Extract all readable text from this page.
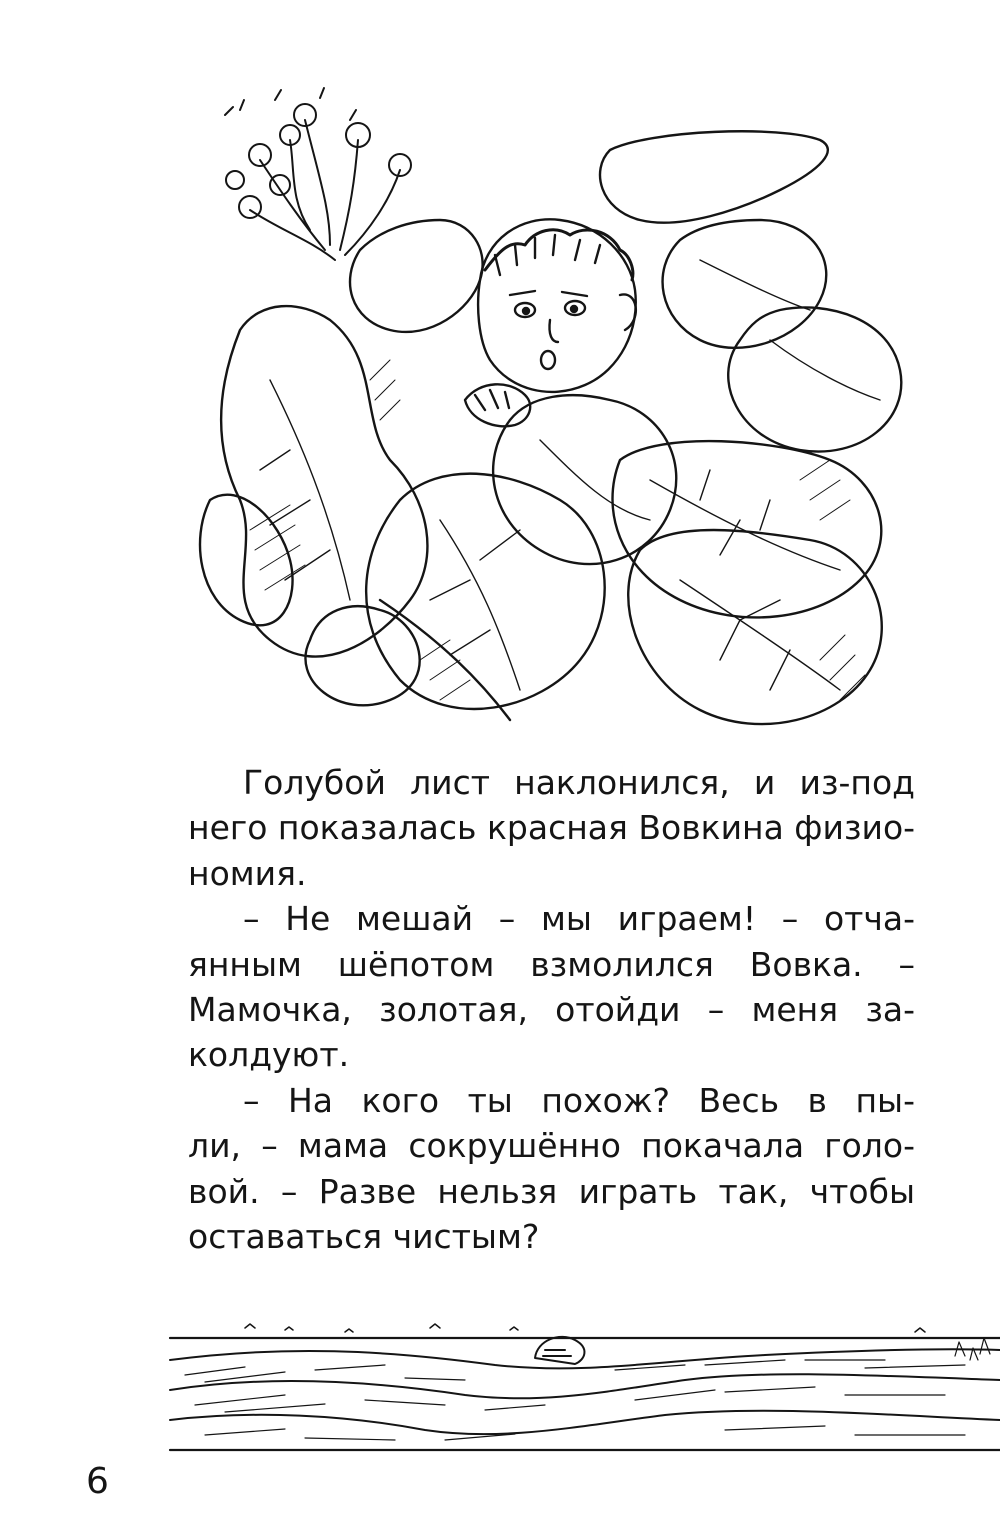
Голубой лист наклонился, и из-под
него показалась красная Вовкина физио-
номия.
– Не мешай – мы играем! – отча-
янным шёпотом взмолился Вовка. –
Мамочка, золотая, отойди – меня за-
колдуют.
– На кого ты похож? Весь в пы-
ли, – мама сокрушённо покачала голо-
вой. – Разве нельзя играть так, чтобы
оставаться чистым?
6
